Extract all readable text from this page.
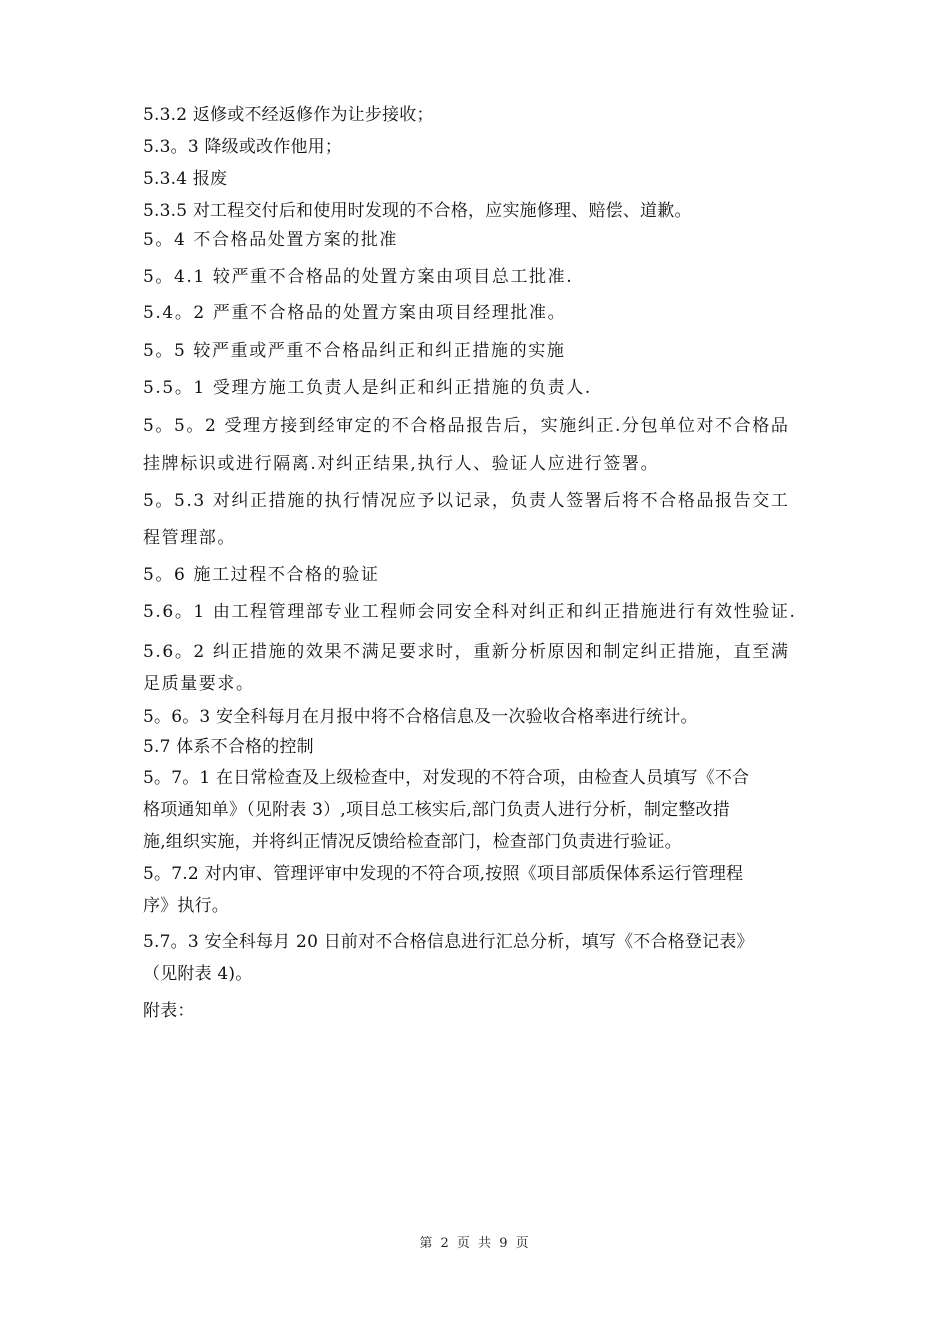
5.3.2 返修或不经返修作为让步接收；
5.3。3 降级或改作他用；
5.3.4 报废
5.3.5 对工程交付后和使用时发现的不合格，应实施修理、赔偿、道歉。
5。4 不合格品处置方案的批准
5。4.1 较严重不合格品的处置方案由项目总工批准.
5.4。2 严重不合格品的处置方案由项目经理批准。
5。5 较严重或严重不合格品纠正和纠正措施的实施
5.5。1 受理方施工负责人是纠正和纠正措施的负责人.
5。5。2 受理方接到经审定的不合格品报告后，实施纠正.分包单位对不合格品
挂牌标识或进行隔离.对纠正结果,执行人、验证人应进行签署。
5。5.3 对纠正措施的执行情况应予以记录，负责人签署后将不合格品报告交工
程管理部。
5。6 施工过程不合格的验证
5.6。1 由工程管理部专业工程师会同安全科对纠正和纠正措施进行有效性验证.
5.6。2 纠正措施的效果不满足要求时，重新分析原因和制定纠正措施，直至满
足质量要求。
5。6。3 安全科每月在月报中将不合格信息及一次验收合格率进行统计。
5.7 体系不合格的控制
5。7。1 在日常检查及上级检查中，对发现的不符合项，由检查人员填写《不合
格项通知单》（见附表 3）,项目总工核实后,部门负责人进行分析，制定整改措
施,组织实施，并将纠正情况反馈给检查部门，检查部门负责进行验证。
5。7.2 对内审、管理评审中发现的不符合项,按照《项目部质保体系运行管理程
序》执行。
5.7。3 安全科每月 20 日前对不合格信息进行汇总分析，填写《不合格登记表》
（见附表 4)。
附表：
第 2 页 共 9 页
